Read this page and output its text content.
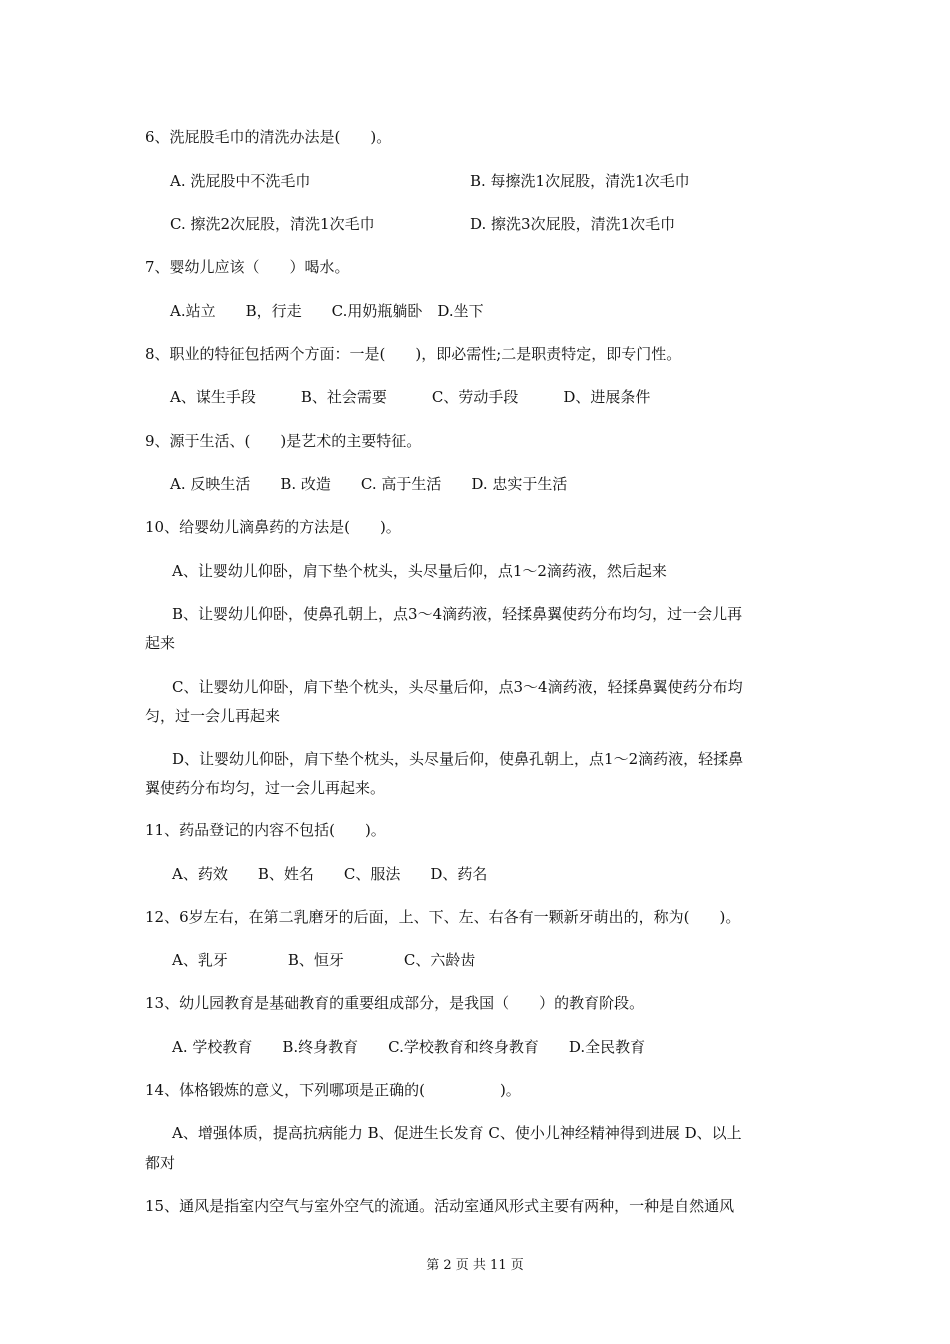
6、洗屁股毛巾的清洗办法是(　　)。
A. 洗屁股中不洗毛巾	B. 每擦洗1次屁股，清洗1次毛巾
C. 擦洗2次屁股，清洗1次毛巾	D. 擦洗3次屁股，清洗1次毛巾
7、婴幼儿应该（　　）喝水。
A.站立　　B，行走　　C.用奶瓶躺卧　D.坐下
8、职业的特征包括两个方面：一是(　　)，即必需性;二是职责特定，即专门性。
A、谋生手段　　　B、社会需要　　　C、劳动手段　　　D、进展条件
9、源于生活、(　　)是艺术的主要特征。
A. 反映生活　　B. 改造　　C. 高于生活　　D. 忠实于生活
10、给婴幼儿滴鼻药的方法是(　　)。
A、让婴幼儿仰卧，肩下垫个枕头，头尽量后仰，点1～2滴药液，然后起来
B、让婴幼儿仰卧，使鼻孔朝上，点3～4滴药液，轻揉鼻翼使药分布均匀，过一会儿再
起来
C、让婴幼儿仰卧，肩下垫个枕头，头尽量后仰，点3～4滴药液，轻揉鼻翼使药分布均
匀，过一会儿再起来
D、让婴幼儿仰卧，肩下垫个枕头，头尽量后仰，使鼻孔朝上，点1～2滴药液，轻揉鼻
翼使药分布均匀，过一会儿再起来。
11、药品登记的内容不包括(　　)。
A、药效　　B、姓名　　C、服法　　D、药名
12、6岁左右，在第二乳磨牙的后面，上、下、左、右各有一颗新牙萌出的，称为(　　)。
A、乳牙　　　　B、恒牙　　　　C、六龄齿
13、幼儿园教育是基础教育的重要组成部分，是我国（　　）的教育阶段。
A. 学校教育　　B.终身教育　　C.学校教育和终身教育　　D.全民教育
14、体格锻炼的意义，下列哪项是正确的(　　　　　)。
A、增强体质，提高抗病能力 B、促进生长发育 C、使小儿神经精神得到进展 D、以上
都对
15、通风是指室内空气与室外空气的流通。活动室通风形式主要有两种，一种是自然通风
第 2 页 共 11 页
